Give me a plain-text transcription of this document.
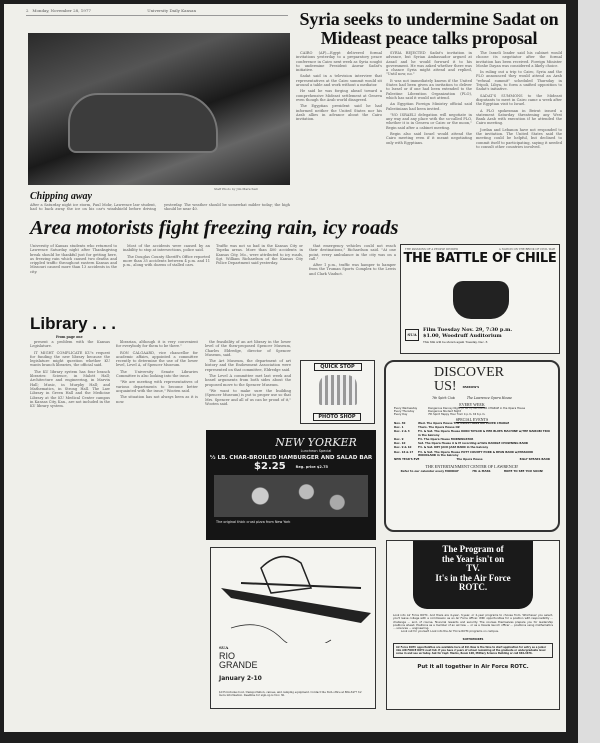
2 Monday, November 28, 1977	University Daily Kansan
Staff Photo by Jim Marschall
Chipping away
After a Saturday night ice storm, Paul Mohr, Lawrence law student, had to back away the ice on his car's windshield before driving yesterday. The weather should be somewhat milder today; the high should be near 40.
Syria seeks to undermine Sadat on Mideast peace talks proposal

CAIRO (AP)—Egypt delivered formal invitations yesterday to a preparatory peace conference in Cairo next week as Syria sought to undermine President Anwar Sadat's initiative.

Sadat said in a television interview that representatives at the Cairo summit would sit around a table and work without a mediator.

He said he was forging ahead toward a comprehensive Mideast settlement at Geneva even though the Arab world disagreed.

The Egyptian president said he had informed neither the United States nor his Arab allies in advance about the Cairo invitation.

SYRIA REJECTED Sadat's invitation in advance, but Syrian Ambassador argued at Assad and he would forward it to his government. He was asked whether there was a chance Syria might attend and replied, "Until now, no."

It was not immediately known if the United States had been given an invitation to deliver to Israel or if one had been extended to the Palestine Liberation Organization (PLO), which has said it would not attend.

An Egyptian Foreign Ministry official said Palestinians had been invited.

"NO ISRAELI delegation will negotiate in any way and any place with the so-called PLO, whether it is in Geneva or Cairo or the moon," Begin said after a cabinet meeting.

Begin also said Israel would attend the Cairo meeting even if it meant negotiating only with Egyptians.

The Israeli leader said his cabinet would choose its negotiator after the formal invitation has been received. Foreign Minister Moshe Dayan was considered a likely choice.

In ruling out a trip to Cairo, Syria and the PLO announced they would attend an Arab "refusal summit" scheduled Thursday in Tripoli, Libya, to form a unified opposition to Sadat's initiative.

SADAT'S SUMMONS to the Mideast disputants to meet in Cairo came a week after the Egyptian visit to Israel.

A PLO spokesman in Beirut issued a statement Saturday threatening any West Bank Arab with execution if he attended the Cairo meeting.

Jordan and Lebanon have not responded to the invitation. The United States said the meeting could be helpful, but declined to commit itself to participating, saying it needed to consult other countries involved.

Area motorists fight freezing rain, icy roads
University of Kansas students who returned to Lawrence Saturday night after Thanksgiving break should be thankful just for getting here, as freezing rain which caused two deaths and crippled traffic throughout eastern Kansas and Missouri caused more than 13 accidents in the city.

Most of the accidents were caused by an inability to stop at intersections, police said.

The Douglas County Sheriff's Office reported more than 35 accidents between 4 p.m. and 11 p.m., along with dozens of stalled cars.

Traffic was not so bad in the Kansas City or Topeka areas. More than 400 accidents in Kansas City, Mo., were attributed to icy roads, Sgt. William Richardson of the Kansas City Police Department said yesterday.

that emergency vehicles could not reach their destinations," Richardson said. "At one point, every ambulance in the city was on a call."

After 1 p.m., traffic was hamper to hamper from the Truman Sports Complex to the Lewis and Clark Viaduct.

THE PASSIONS OF A PEOPLE DIVIDED	A NATION ON THE BRINK OF CIVIL WAR
THE BATTLE OF CHILE
SUA
Film Tuesday Nov. 29, 7:30 p.m.
$1.00, Woodruff Auditorium
This film will be shown again Tuesday, Dec. 6
Library . . .
From page one

present a problem with the Kansas Legislature.

IT MIGHT COMPLICATE KU's request for funding the new library because the legislature might question whether KU wants branch libraries, the official said.

The KU library system has four branch libraries: Science, in Malott Hall; Architecture and engineering, in Marvin Hall; Music, in Murphy Hall; and Mathematics, in Strong Hall. The Law Library in Green Hall and the Medicine Library at the KU Medical Center campus in Kansas City, Kan., are not included in the KU library system.

librarian, although it is very convenient for everybody for them to be there."

RON CALGAARD, vice chancellor for academic affairs, appointed a committee recently to determine the use of the lower level, Level A, of Spencer Museum.

The University Senate Libraries Committee is also looking into the issue.

"We are meeting with representatives of various departments to become better acquainted with the issue," Wooten said.

The situation has not always been as it is now.

the feasibility of an art library in the lower level of the then-proposed Spencer Museum, Charles Eldredge, director of Spencer Museum, said.

The Art Museum, the department of art history and the Endowment Association were represented on that committee, Eldredge said.

The Level A committee met last week and heard arguments from both sides about the proposed move to the Spencer Museum.

"We want to make sure the building (Spencer Museum) is put to proper use so that Mrs. Spencer and all of us can be proud of it," Wooten said.

QUICK STOP
PHOTO SHOP
NEW YORKER
Luncheon Special
½ LB. CHAR-BROILED HAMBURGER AND SALAD BAR
$2.25	Reg. price $2.75
The original thick crust pizza from New York
DISCOVER
US! PARROW'S
7th Spirit Club	The Lawrence Opera House
EVERY WEEK
Every Wednesday	Dangerous Dancey Night (2 for 1). NO COVER CHARGE in the Opera House
Every Thursday	Dangerous Student Night
Every Day	7th Spirit Happy Hour from 4 p.m. till 6 p.m.
SPECIAL EVENTS
Nov. 30	Wed. The Opera House THE EXCEPTIONS NO COVER CHARGE
Dec. 1	Thurs. The Opera House OZ
Dec. 2 & 3	Fri. & Sat. The Opera House KOKO TAYLOR & HER BLUES MACHINE w/THE NAIROBI TRIO in the balcony
Dec. 9	Fri. The Opera House MORNINGSTAR
Dec. 10	Sat. The Opera House A & M recording artists RANDLE CHOWNING BAND
Dec. 9 & 10	Fri. & Sat. DRY JACK JAZZ BAND in the balcony
Dec. 16 & 17 Fri. & Sat. The Opera House POTT COUNTY PORK & BEAN BAND w/MISSOURI WOODLAND in the balcony
NEW YEAR'S EVE	The Opera House	BILLY SPEARS BAND
THE ENTERTAINMENT CENTER OF LAWRENCE!
Refer to our calendar every MONDAY	7th & MASS	HOPE TO SEE YOU SOON!
SUA
RIO
GRANDE
January 2-10
$135 includes food, transportation, canoes, and camping equipment. Contact the SUA office at 864-3477 for more information. Deadline for sign-up is Nov. 30.
The Program of
the Year isn't on
TV.
It's in the Air Force
ROTC.
Look into Air Force ROTC. And there are 4-year, 3-year, or 2-year programs to choose from. Whichever you select, you'll leave college with a commission as an Air Force officer. With opportunities for a position with responsibility ... challenge ... and, of course, financial rewards and security. The courses themselves prepare you for leadership positions ahead. Positions as a member of an aircrew ... or as a missile launch officer ... positions using mathematics ... sciences ... engineering.
Look out for yourself. Look into the Air Force ROTC programs on campus.
SOPHOMORES
Air Force ROTC opportunities are available here at KU. Now is the time to start application for entry as a junior into AIR FORCE ROTC next fall. If you have 2 years of school remaining at the graduate or undergraduate level come in and see us today. Ask for Capt. Macko, Room 108, Military Science Building or call 864-4676.
Put it all together in Air Force ROTC.
